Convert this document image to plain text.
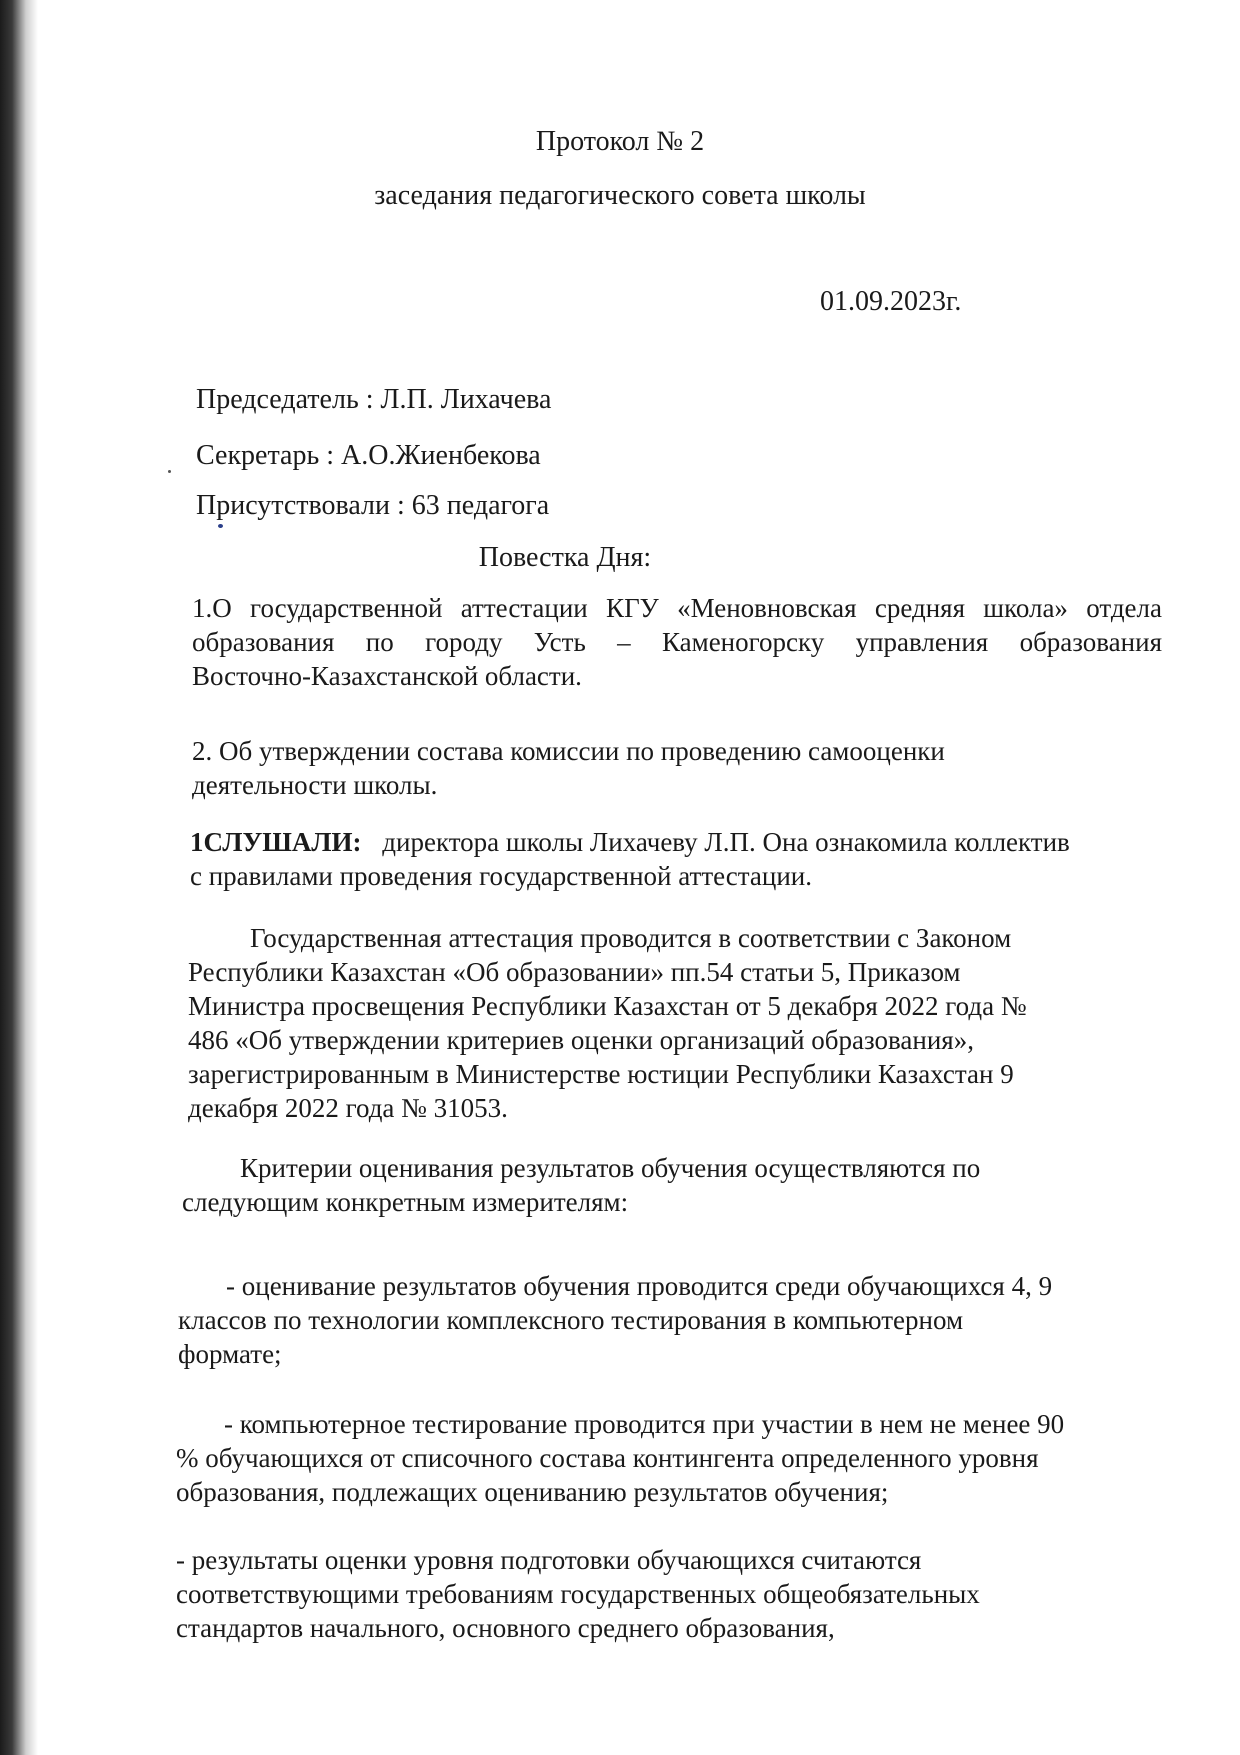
Протокол № 2
заседания педагогического совета школы
01.09.2023г.
Председатель : Л.П. Лихачева
Секретарь : А.О.Жиенбекова
Присутствовали : 63 педагога
Повестка Дня:
1.О государственной аттестации КГУ «Меновновская средняя школа» отдела
образования по городу Усть – Каменогорску управления образования
Восточно-Казахстанской области.
2. Об утверждении состава комиссии по проведению самооценки
деятельности школы.
1СЛУШАЛИ: директора школы Лихачеву Л.П. Она ознакомила коллектив
с правилами проведения государственной аттестации.
Государственная аттестация проводится в соответствии с Законом
Республики Казахстан «Об образовании» пп.54 статьи 5, Приказом
Министра просвещения Республики Казахстан от 5 декабря 2022 года №
486 «Об утверждении критериев оценки организаций образования»,
зарегистрированным в Министерстве юстиции Республики Казахстан 9
декабря 2022 года № 31053.
Критерии оценивания результатов обучения осуществляются по
следующим конкретным измерителям:
- оценивание результатов обучения проводится среди обучающихся 4, 9
классов по технологии комплексного тестирования в компьютерном
формате;
- компьютерное тестирование проводится при участии в нем не менее 90
% обучающихся от списочного состава контингента определенного уровня
образования, подлежащих оцениванию результатов обучения;
- результаты оценки уровня подготовки обучающихся считаются
соответствующими требованиям государственных общеобязательных
стандартов начального, основного среднего образования,
